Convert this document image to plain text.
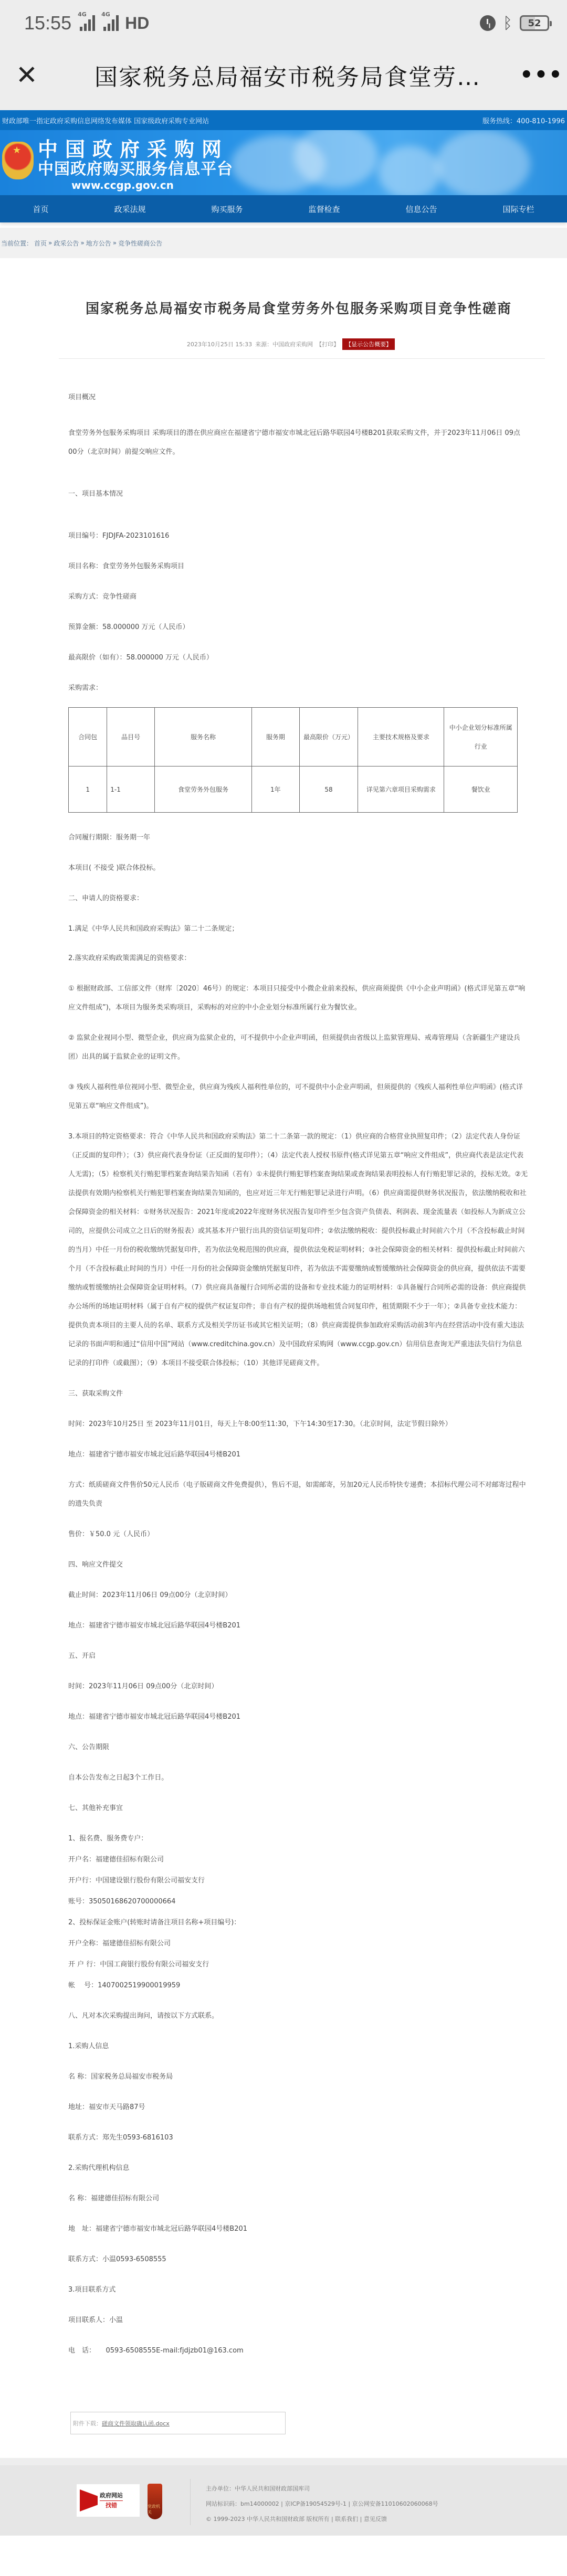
15:55 4G	4G HD	ᛒ	52
✕	国家税务总局福安市税务局食堂劳…	•••
财政部唯一指定政府采购信息网络发布媒体 国家级政府采购专业网站	服务热线：400-810-1996
★
中国政府采购网
中国政府购买服务信息平台
www.ccgp.gov.cn
首页	政采法规	购买服务	监督检查	信息公告	国际专栏
当前位置： 首页 » 政采公告 » 地方公告 » 竞争性磋商公告
国家税务总局福安市税务局食堂劳务外包服务采购项目竞争性磋商
2023年10月25日 15:33 来源： 中国政府采购网 【打印】	【显示公告概要】

项目概况

食堂劳务外包服务采购项目 采购项目的潜在供应商应在福建省宁德市福安市城北冠后路华联园4号楼B201获取采购文件，并于2023年11月06日 09点00分（北京时间）前提交响应文件。

一、项目基本情况

项目编号：FJDJFA-2023101616

项目名称：食堂劳务外包服务采购项目

采购方式：竞争性磋商

预算金额：58.000000 万元（人民币）

最高限价（如有）：58.000000 万元（人民币）

采购需求：

合同包	品目号	服务名称	服务期	最高限价（万元）	主要技术规格及要求	中小企业划分标准所属行业
1	1-1	食堂劳务外包服务	1年	58	详见第六章项目采购需求	餐饮业

合同履行期限：服务期一年

本项目( 不接受 )联合体投标。

二、申请人的资格要求：

1.满足《中华人民共和国政府采购法》第二十二条规定；

2.落实政府采购政策需满足的资格要求：

① 根据财政部、工信部文件（财库〔2020〕46号）的规定：本项目只接受中小微企业前来投标，供应商须提供《中小企业声明函》(格式详见第五章“响应文件组成”)，本项目为服务类采购项目，采购标的对应的中小企业划分标准所属行业为餐饮业。

② 监狱企业视同小型、微型企业，供应商为监狱企业的，可不提供中小企业声明函，但须提供由省级以上监狱管理局、戒毒管理局（含新疆生产建设兵团）出具的属于监狱企业的证明文件。

③ 残疾人福利性单位视同小型、微型企业，供应商为残疾人福利性单位的，可不提供中小企业声明函，但须提供的《残疾人福利性单位声明函》(格式详见第五章“响应文件组成”)。

3.本项目的特定资格要求：符合《中华人民共和国政府采购法》第二十二条第一款的规定：（1）供应商的合格营业执照复印件；（2）法定代表人身份证（正反面的复印件）；（3）供应商代表身份证（正反面的复印件）；（4）法定代表人授权书原件(格式详见第五章“响应文件组成”，供应商代表是法定代表人无需)；（5）检察机关行贿犯罪档案查询结果告知函（若有）①未提供行贿犯罪档案查询结果或查询结果表明投标人有行贿犯罪记录的，投标无效。②无法提供有效期内检察机关行贿犯罪档案查询结果告知函的，也应对近三年无行贿犯罪记录进行声明。（6）供应商需提供财务状况报告，依法缴纳税收和社会保障资金的相关材料：①财务状况报告：2021年度或2022年度财务状况报告复印件至少包含资产负债表、利润表、现金流量表（如投标人为新成立公司的，应提供公司成立之日后的财务报表）或其基本开户银行出具的资信证明复印件；②依法缴纳税收：提供投标截止时间前六个月（不含投标截止时间的当月）中任一月份的税收缴纳凭据复印件，若为依法免税范围的供应商，提供依法免税证明材料；③社会保障资金的相关材料：提供投标截止时间前六个月（不含投标截止时间的当月）中任一月份的社会保障资金缴纳凭据复印件，若为依法不需要缴纳或暂缓缴纳社会保障资金的供应商，提供依法不需要缴纳或暂缓缴纳社会保障资金证明材料。（7）供应商具备履行合同所必需的设备和专业技术能力的证明材料：①具备履行合同所必需的设备：供应商提供办公场所的场地证明材料（属于自有产权的提供产权证复印件；非自有产权的提供场地租赁合同复印件，租赁期限不少于一年）；②具备专业技术能力：提供负责本项目的主要人员的名单、联系方式及相关学历证书或其它相关证明；（8）供应商需提供参加政府采购活动前3年内在经营活动中没有重大违法记录的书面声明和通过“信用中国”网站（www.creditchina.gov.cn）及中国政府采购网（www.ccgp.gov.cn）信用信息查询无严重违法失信行为信息记录的打印件（或截图）；（9）本项目不接受联合体投标；（10）其他详见磋商文件。

三、获取采购文件

时间：2023年10月25日 至 2023年11月01日，每天上午8:00至11:30，下午14:30至17:30。（北京时间，法定节假日除外）

地点：福建省宁德市福安市城北冠后路华联园4号楼B201

方式：纸质磋商文件售价50元人民币（电子版磋商文件免费提供），售后不退，如需邮寄，另加20元人民币特快专递费；本招标代理公司不对邮寄过程中的遗失负责

售价：￥50.0 元（人民币）

四、响应文件提交

截止时间：2023年11月06日 09点00分（北京时间）

地点：福建省宁德市福安市城北冠后路华联园4号楼B201

五、开启

时间：2023年11月06日 09点00分（北京时间）

地点：福建省宁德市福安市城北冠后路华联园4号楼B201

六、公告期限

自本公告发布之日起3个工作日。

七、其他补充事宜

1、报名费、服务费专户：

开户名：福建德佳招标有限公司

开户行：中国建设银行股份有限公司福安支行

账号：35050168620700000664

2、投标保证金账户(转账时请备注项目名称+项目编号)：

开户全称：福建德佳招标有限公司

开 户 行：中国工商银行股份有限公司福安支行

帐　 号：1407002519900019959

八、凡对本次采购提出询问，请按以下方式联系。

1.采购人信息

名 称：国家税务总局福安市税务局

地址：福安市天马路87号

联系方式：郑先生0593-6816103

2.采购代理机构信息

名 称：福建德佳招标有限公司

地　址：福建省宁德市福安市城北冠后路华联园4号楼B201

联系方式：小温0593-6508555

3.项目联系方式

项目联系人：小温

电　话：　　0593-6508555E-mail:fjdjzb01@163.com

附件下载： 磋商文件领取确认函.docx
政府网站
找错	党政机关
主办单位：中华人民共和国财政部国库司
网站标识码：bm14000002 | 京ICP备19054529号-1 | 京公网安备11010602060068号
© 1999-2023 中华人民共和国财政部 版权所有 | 联系我们 | 意见反馈
